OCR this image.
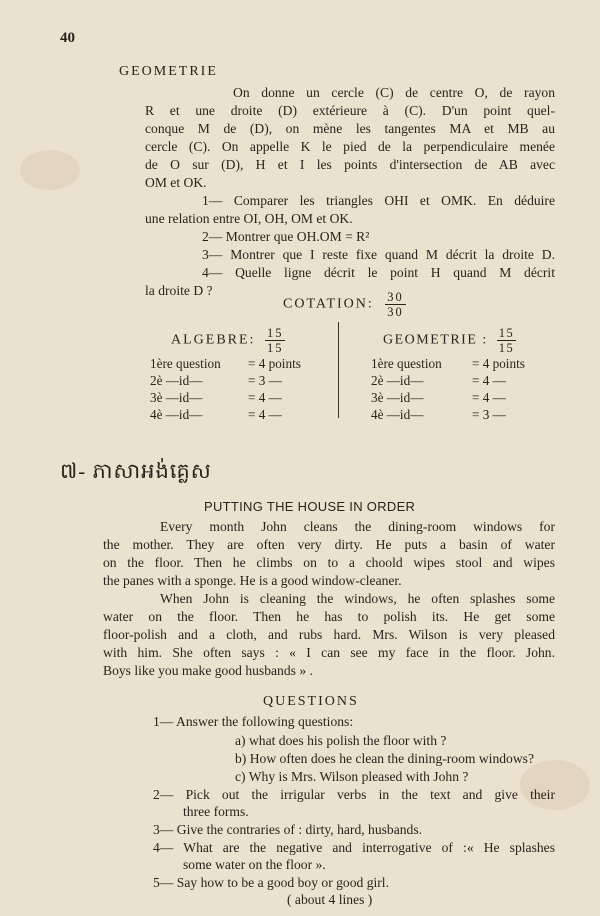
40
GEOMETRIE
On donne un cercle (C) de centre O, de rayon
R et une droite (D) extérieure à (C). D'un point quel-
conque M de (D), on mène les tangentes MA et MB au
cercle (C). On appelle K le pied de la perpendiculaire menée
de O sur (D), H et I les points d'intersection de AB avec
OM et OK.
1— Comparer les triangles OHI et OMK. En déduire
une relation entre OI, OH, OM et OK.
2— Montrer que OH.OM = R²
3— Montrer que I reste fixe quand M décrit la droite D.
4— Quelle ligne décrit le point H quand M décrit
la droite D ?
COTATION: $\frac{30}{30}$
ALGEBRE: $\frac{15}{15}$	GEOMETRIE : $\frac{15}{15}$
1ère question = 4 points
2è —id—	= 3 —
3è —id—	= 4 —
4è —id—	= 4 —
1ère question = 4 points
2è —id—	= 4 —
3è —id—	= 4 —
4è —id—	= 3 —
៧- ភាសាអង់គ្លេស
PUTTING THE HOUSE IN ORDER
Every month John cleans the dining-room windows for
the mother. They are often very dirty. He puts a basin of water
on the floor. Then he climbs on to a choold wipes stool and wipes
the panes with a sponge. He is a good window-cleaner.
When John is cleaning the windows, he often splashes some
water on the floor. Then he has to polish its. He get some
floor-polish and a cloth, and rubs hard. Mrs. Wilson is very pleased
with him. She often says : « I can see my face in the floor. John.
Boys like you make good husbands » .
QUESTIONS
1— Answer the following questions:
a) what does his polish the floor with ?
b) How often does he clean the dining-room windows?
c) Why is Mrs. Wilson pleased with John ?
2— Pick out the irrigular verbs in the text and give their
three forms.
3— Give the contraries of : dirty, hard, husbands.
4— What are the negative and interrogative of :« He splashes
some water on the floor ».
5— Say how to be a good boy or good girl.
( about 4 lines )
